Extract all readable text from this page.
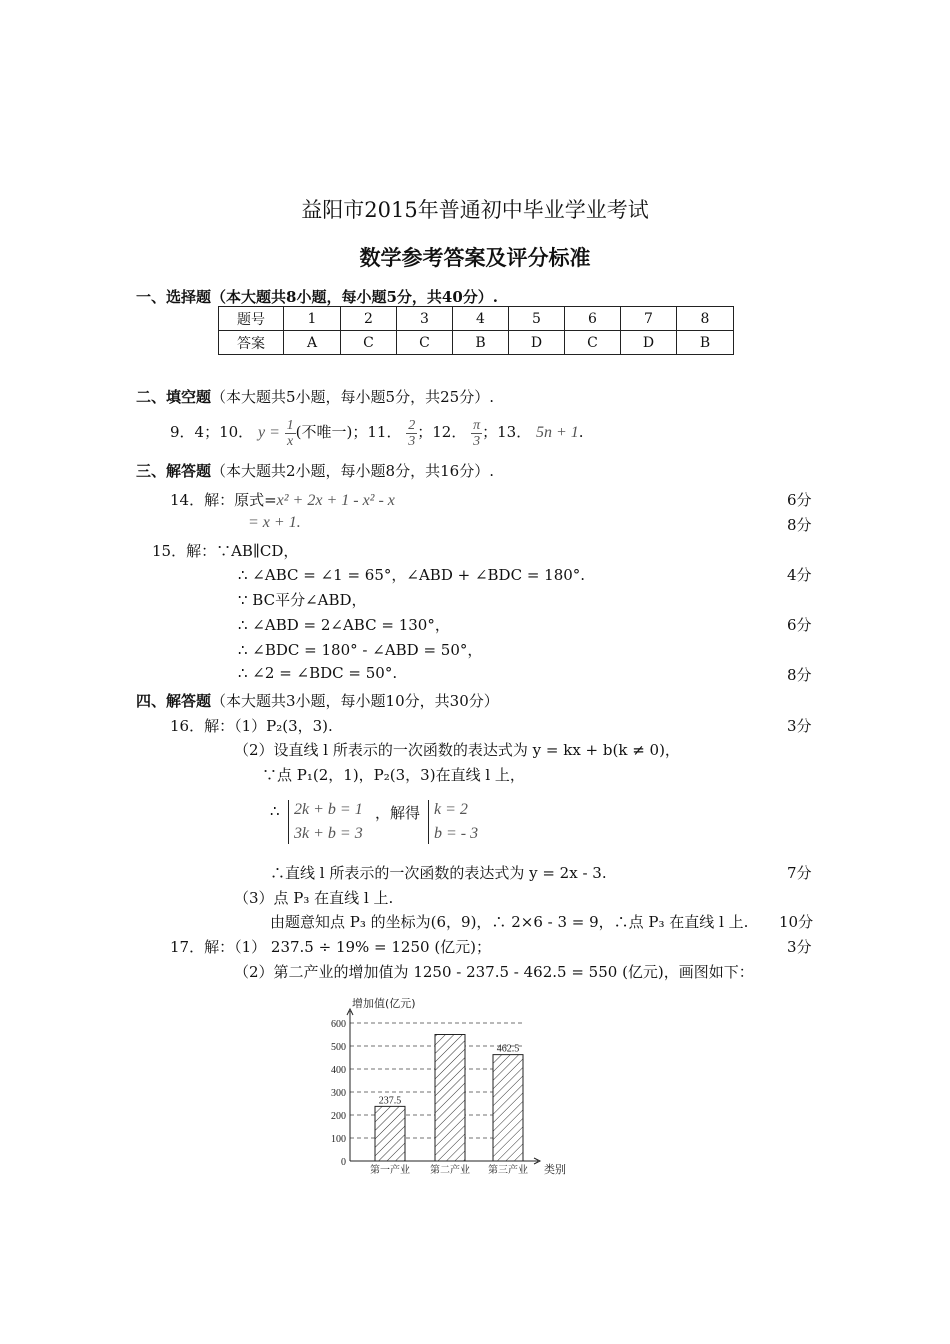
益阳市2015年普通初中毕业学业考试
数学参考答案及评分标准
一、选择题（本大题共8小题，每小题5分，共40分）.
题号	1	2	3	4	5	6	7	8
答案	A	C	C	B	D	C	D	B
二、填空题（本大题共5小题，每小题5分，共25分）.
9．4；10． $y = \frac{1}{x}$ (不唯一)；11． $\frac{2}{3}$ ；12． $\frac{\pi}{3}$ ；13． 5n + 1.
三、解答题（本大题共2小题，每小题8分，共16分）.
14．解：原式=x² + 2x + 1 - x² - x	6分
= x + 1.	8分
15．解：∵AB∥CD，
∴ ∠ABC = ∠1 = 65°，∠ABD + ∠BDC = 180°.	4分
∵ BC平分∠ABD，
∴ ∠ABD = 2∠ABC = 130°，	6分
∴ ∠BDC = 180° - ∠ABD = 50°，
∴ ∠2 = ∠BDC = 50°.	8分
四、解答题（本大题共3小题，每小题10分，共30分）
16．解：（1）P₂(3，3).	3分
（2）设直线 l 所表示的一次函数的表达式为 y = kx + b(k ≠ 0)，
∵点 P₁(2，1)，P₂(3，3)在直线 l 上，
∴ 2k + b = 1
3k + b = 3
，解得 k = 2
b = - 3
∴直线 l 所表示的一次函数的表达式为 y = 2x - 3.	7分
（3）点 P₃ 在直线 l 上.
由题意知点 P₃ 的坐标为(6，9)，∴ 2×6 - 3 = 9，∴点 P₃ 在直线 l 上. 10分
17．解：（1） 237.5 ÷ 19% = 1250 (亿元)；	3分
（2）第二产业的增加值为 1250 - 237.5 - 462.5 = 550 (亿元)，画图如下：
增加值(亿元)
类别
0
100
200
300
400
500
600
237.5
第一产业 第二产业
462.5
第三产业
